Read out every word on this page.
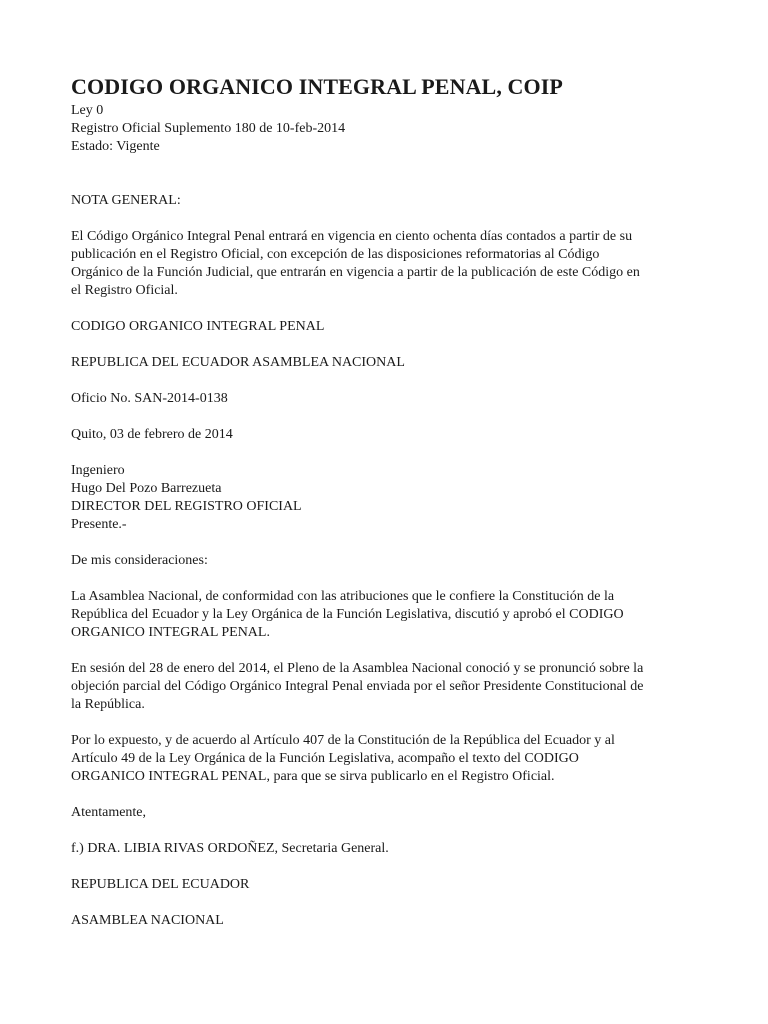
CODIGO ORGANICO INTEGRAL PENAL, COIP

Ley 0

Registro Oficial Suplemento 180 de 10-feb-2014

Estado: Vigente

NOTA GENERAL:

El Código Orgánico Integral Penal entrará en vigencia en ciento ochenta días contados a partir de su

publicación en el Registro Oficial, con excepción de las disposiciones reformatorias al Código

Orgánico de la Función Judicial, que entrarán en vigencia a partir de la publicación de este Código en

el Registro Oficial.

CODIGO ORGANICO INTEGRAL PENAL

REPUBLICA DEL ECUADOR ASAMBLEA NACIONAL

Oficio No. SAN-2014-0138

Quito, 03 de febrero de 2014

Ingeniero

Hugo Del Pozo Barrezueta

DIRECTOR DEL REGISTRO OFICIAL

Presente.-

De mis consideraciones:

La Asamblea Nacional, de conformidad con las atribuciones que le confiere la Constitución de la

República del Ecuador y la Ley Orgánica de la Función Legislativa, discutió y aprobó el CODIGO

ORGANICO INTEGRAL PENAL.

En sesión del 28 de enero del 2014, el Pleno de la Asamblea Nacional conoció y se pronunció sobre la

objeción parcial del Código Orgánico Integral Penal enviada por el señor Presidente Constitucional de

la República.

Por lo expuesto, y de acuerdo al Artículo 407 de la Constitución de la República del Ecuador y al

Artículo 49 de la Ley Orgánica de la Función Legislativa, acompaño el texto del CODIGO

ORGANICO INTEGRAL PENAL, para que se sirva publicarlo en el Registro Oficial.

Atentamente,

f.) DRA. LIBIA RIVAS ORDOÑEZ, Secretaria General.

REPUBLICA DEL ECUADOR

ASAMBLEA NACIONAL
